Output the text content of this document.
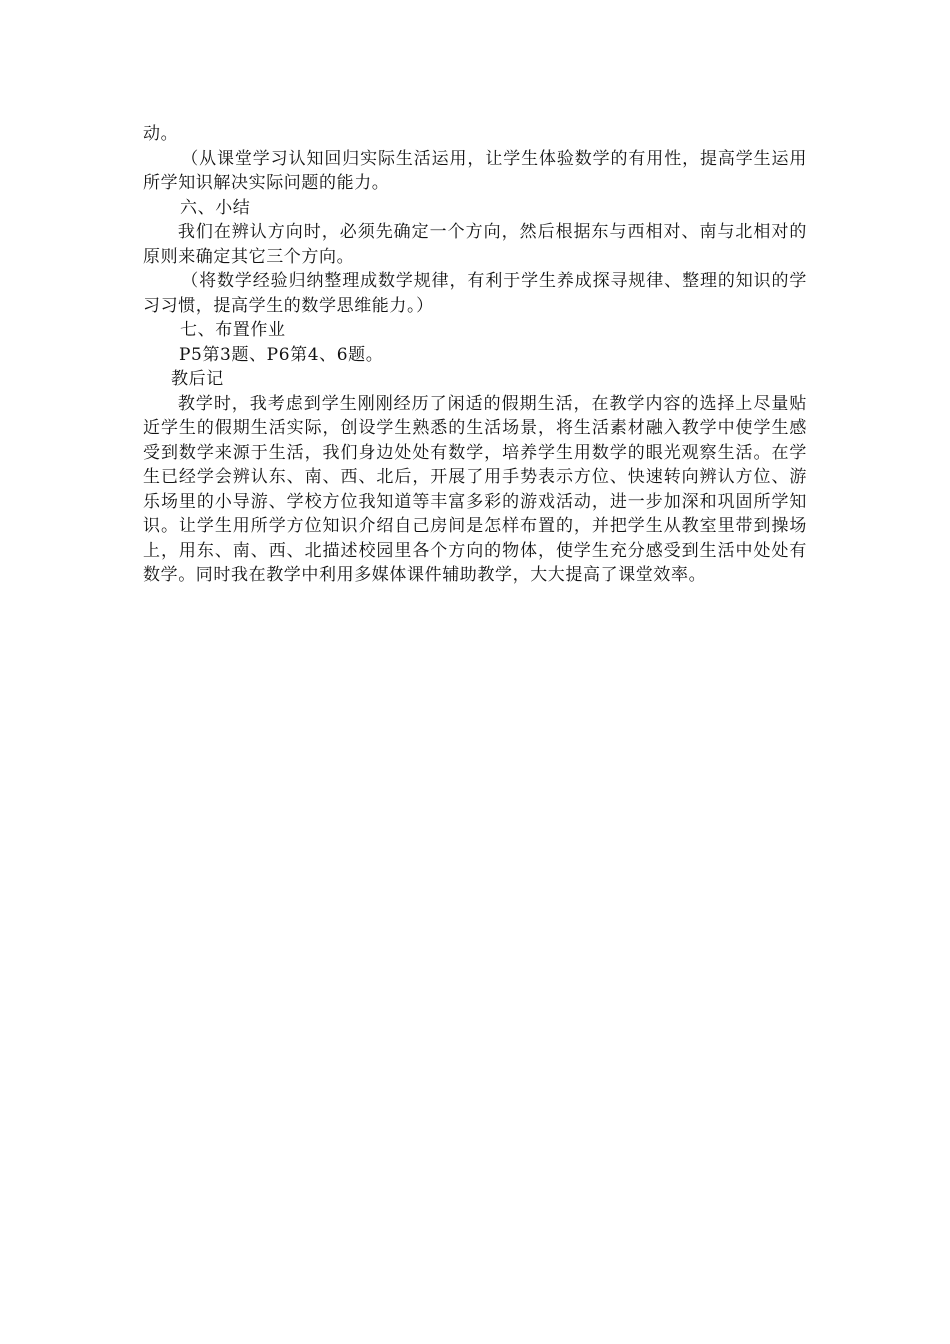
动。

（从课堂学习认知回归实际生活运用，让学生体验数学的有用性，提高学生运用所学知识解决实际问题的能力。

六、小结

我们在辨认方向时，必须先确定一个方向，然后根据东与西相对、南与北相对的原则来确定其它三个方向。

（将数学经验归纳整理成数学规律，有利于学生养成探寻规律、整理的知识的学习习惯，提高学生的数学思维能力。）

七、布置作业

P5第3题、P6第4、6题。

教后记

教学时，我考虑到学生刚刚经历了闲适的假期生活，在教学内容的选择上尽量贴近学生的假期生活实际，创设学生熟悉的生活场景，将生活素材融入教学中使学生感受到数学来源于生活，我们身边处处有数学，培养学生用数学的眼光观察生活。在学生已经学会辨认东、南、西、北后，开展了用手势表示方位、快速转向辨认方位、游乐场里的小导游、学校方位我知道等丰富多彩的游戏活动，进一步加深和巩固所学知识。让学生用所学方位知识介绍自己房间是怎样布置的，并把学生从教室里带到操场上，用东、南、西、北描述校园里各个方向的物体，使学生充分感受到生活中处处有数学。同时我在教学中利用多媒体课件辅助教学，大大提高了课堂效率。
